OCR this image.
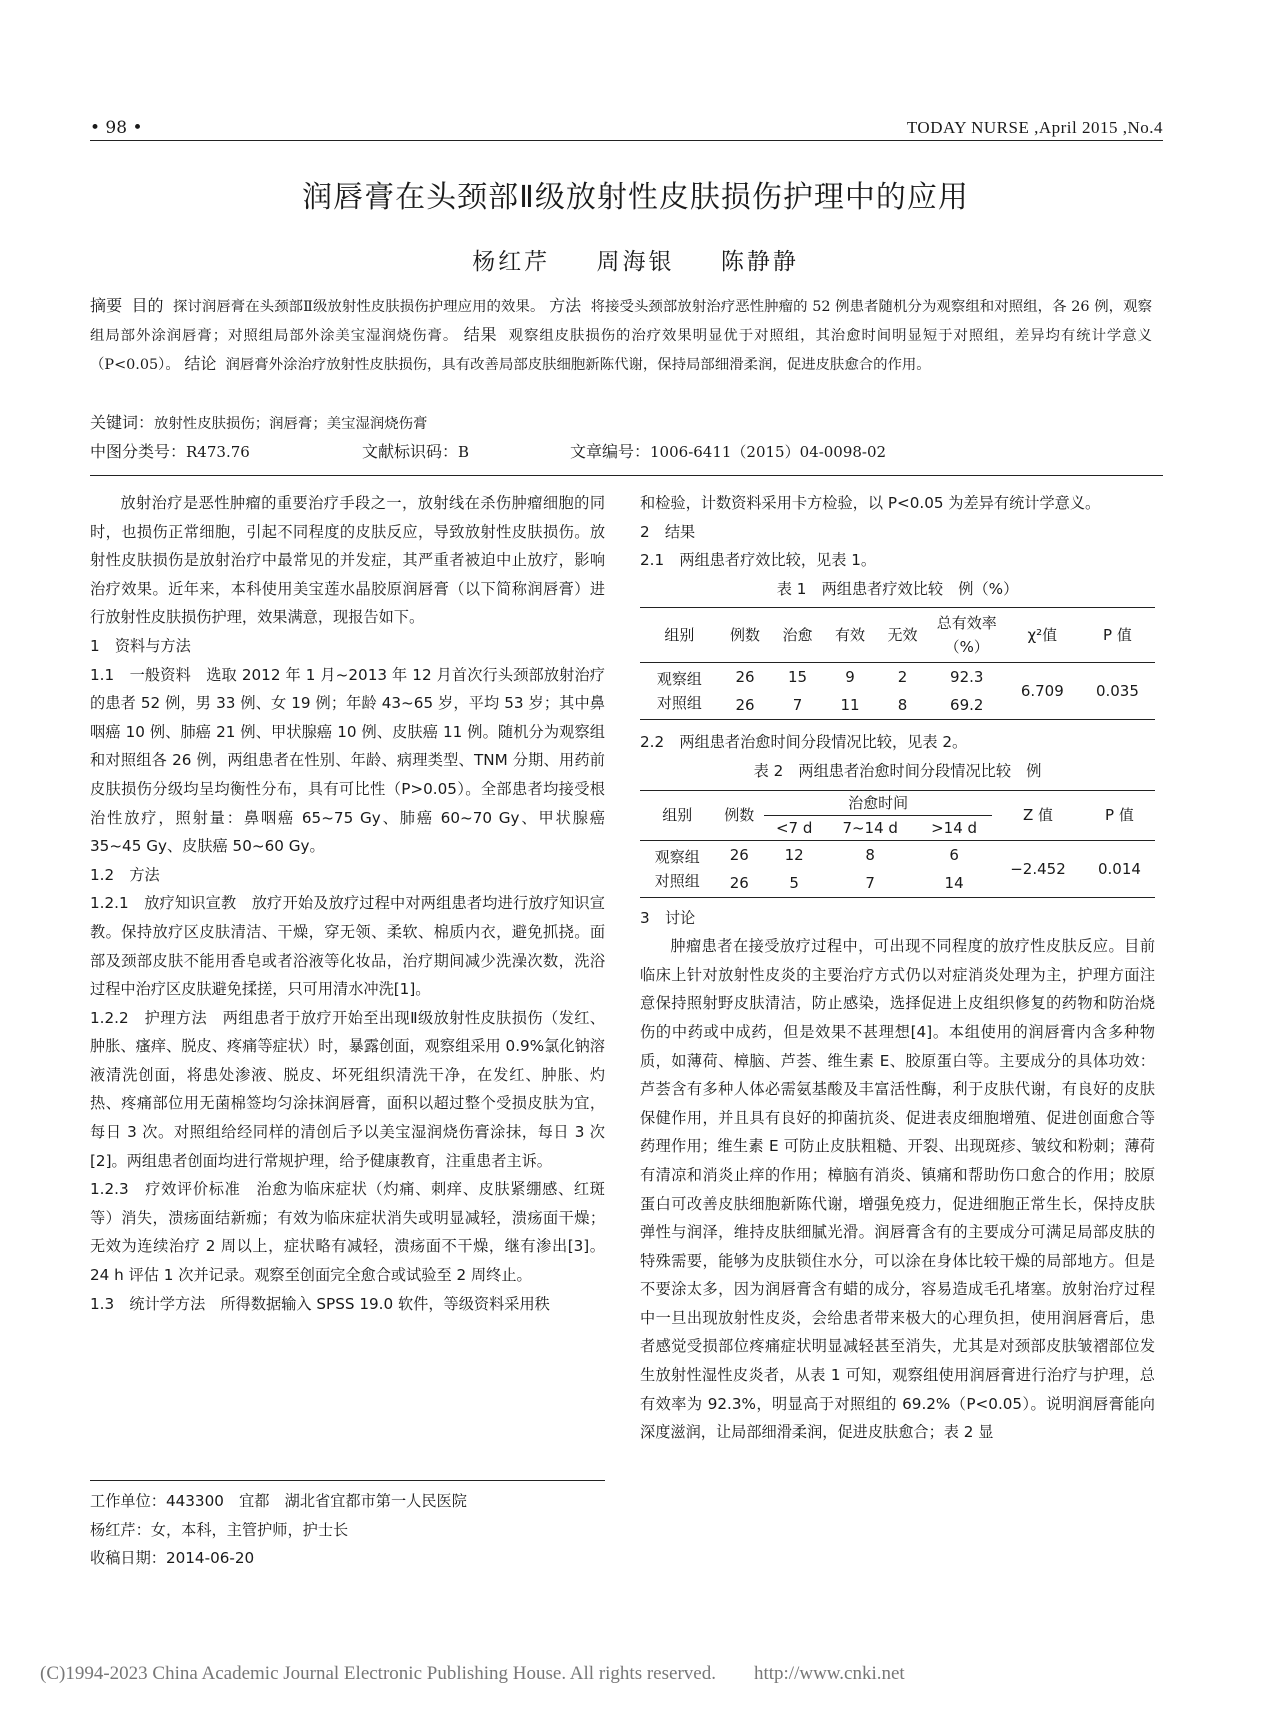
• 98 •	TODAY NURSE ,April 2015 ,No.4
润唇膏在头颈部Ⅱ级放射性皮肤损伤护理中的应用
杨红芹 周海银 陈静静
摘要 目的 探讨润唇膏在头颈部Ⅱ级放射性皮肤损伤护理应用的效果。 方法 将接受头颈部放射治疗恶性肿瘤的 52 例患者随机分为观察组和对照组，各 26 例，观察组局部外涂润唇膏；对照组局部外涂美宝湿润烧伤膏。 结果 观察组皮肤损伤的治疗效果明显优于对照组，其治愈时间明显短于对照组，差异均有统计学意义（P<0.05）。 结论 润唇膏外涂治疗放射性皮肤损伤，具有改善局部皮肤细胞新陈代谢，保持局部细滑柔润，促进皮肤愈合的作用。
关键词：放射性皮肤损伤；润唇膏；美宝湿润烧伤膏
中图分类号：R473.76	文献标识码：B	文章编号：1006-6411（2015）04-0098-02

放射治疗是恶性肿瘤的重要治疗手段之一，放射线在杀伤肿瘤细胞的同时，也损伤正常细胞，引起不同程度的皮肤反应，导致放射性皮肤损伤。放射性皮肤损伤是放射治疗中最常见的并发症，其严重者被迫中止放疗，影响治疗效果。近年来，本科使用美宝莲水晶胶原润唇膏（以下简称润唇膏）进行放射性皮肤损伤护理，效果满意，现报告如下。

1　资料与方法

1.1　一般资料　选取 2012 年 1 月~2013 年 12 月首次行头颈部放射治疗的患者 52 例，男 33 例、女 19 例；年龄 43~65 岁，平均 53 岁；其中鼻咽癌 10 例、肺癌 21 例、甲状腺癌 10 例、皮肤癌 11 例。随机分为观察组和对照组各 26 例，两组患者在性别、年龄、病理类型、TNM 分期、用药前皮肤损伤分级均呈均衡性分布，具有可比性（P>0.05）。全部患者均接受根治性放疗，照射量：鼻咽癌 65~75 Gy、肺癌 60~70 Gy、甲状腺癌 35~45 Gy、皮肤癌 50~60 Gy。

1.2　方法

1.2.1　放疗知识宣教　放疗开始及放疗过程中对两组患者均进行放疗知识宣教。保持放疗区皮肤清洁、干燥，穿无领、柔软、棉质内衣，避免抓挠。面部及颈部皮肤不能用香皂或者浴液等化妆品，治疗期间减少洗澡次数，洗浴过程中治疗区皮肤避免揉搓，只可用清水冲洗[1]。

1.2.2　护理方法　两组患者于放疗开始至出现Ⅱ级放射性皮肤损伤（发红、肿胀、瘙痒、脱皮、疼痛等症状）时，暴露创面，观察组采用 0.9%氯化钠溶液清洗创面，将患处渗液、脱皮、坏死组织清洗干净，在发红、肿胀、灼热、疼痛部位用无菌棉签均匀涂抹润唇膏，面积以超过整个受损皮肤为宜，每日 3 次。对照组给经同样的清创后予以美宝湿润烧伤膏涂抹，每日 3 次[2]。两组患者创面均进行常规护理，给予健康教育，注重患者主诉。

1.2.3　疗效评价标准　治愈为临床症状（灼痛、刺痒、皮肤紧绷感、红斑等）消失，溃疡面结新痂；有效为临床症状消失或明显减轻，溃疡面干燥；无效为连续治疗 2 周以上，症状略有减轻，溃疡面不干燥，继有渗出[3]。24 h 评估 1 次并记录。观察至创面完全愈合或试验至 2 周终止。

1.3　统计学方法　所得数据输入 SPSS 19.0 软件，等级资料采用秩

工作单位：443300　宜都　湖北省宜都市第一人民医院
杨红芹：女，本科，主管护师，护士长
收稿日期：2014-06-20

和检验，计数资料采用卡方检验，以 P<0.05 为差异有统计学意义。

2　结果

2.1　两组患者疗效比较，见表 1。

表 1　两组患者疗效比较　例（%）
组别	例数	治愈	有效	无效	总有效率（%）	χ²值	P 值
观察组	26	15	9	2	92.3	6.709	0.035
对照组	26	7	11	8	69.2		

2.2　两组患者治愈时间分段情况比较，见表 2。

表 2　两组患者治愈时间分段情况比较　例
组别	例数	治愈时间			Z 值	P 值
		<7 d	7~14 d	>14 d		
观察组	26	12	8	6	−2.452	0.014
对照组	26	5	7	14		

3　讨论

肿瘤患者在接受放疗过程中，可出现不同程度的放疗性皮肤反应。目前临床上针对放射性皮炎的主要治疗方式仍以对症消炎处理为主，护理方面注意保持照射野皮肤清洁，防止感染，选择促进上皮组织修复的药物和防治烧伤的中药或中成药，但是效果不甚理想[4]。本组使用的润唇膏内含多种物质，如薄荷、樟脑、芦荟、维生素 E、胶原蛋白等。主要成分的具体功效：芦荟含有多种人体必需氨基酸及丰富活性酶，利于皮肤代谢，有良好的皮肤保健作用，并且具有良好的抑菌抗炎、促进表皮细胞增殖、促进创面愈合等药理作用；维生素 E 可防止皮肤粗糙、开裂、出现斑疹、皱纹和粉刺；薄荷有清凉和消炎止痒的作用；樟脑有消炎、镇痛和帮助伤口愈合的作用；胶原蛋白可改善皮肤细胞新陈代谢，增强免疫力，促进细胞正常生长，保持皮肤弹性与润泽，维持皮肤细腻光滑。润唇膏含有的主要成分可满足局部皮肤的特殊需要，能够为皮肤锁住水分，可以涂在身体比较干燥的局部地方。但是不要涂太多，因为润唇膏含有蜡的成分，容易造成毛孔堵塞。放射治疗过程中一旦出现放射性皮炎，会给患者带来极大的心理负担，使用润唇膏后，患者感觉受损部位疼痛症状明显减轻甚至消失，尤其是对颈部皮肤皱褶部位发生放射性湿性皮炎者，从表 1 可知，观察组使用润唇膏进行治疗与护理，总有效率为 92.3%，明显高于对照组的 69.2%（P<0.05）。说明润唇膏能向深度滋润，让局部细滑柔润，促进皮肤愈合；表 2 显

(C)1994-2023 China Academic Journal Electronic Publishing House. All rights reserved.　　http://www.cnki.net
